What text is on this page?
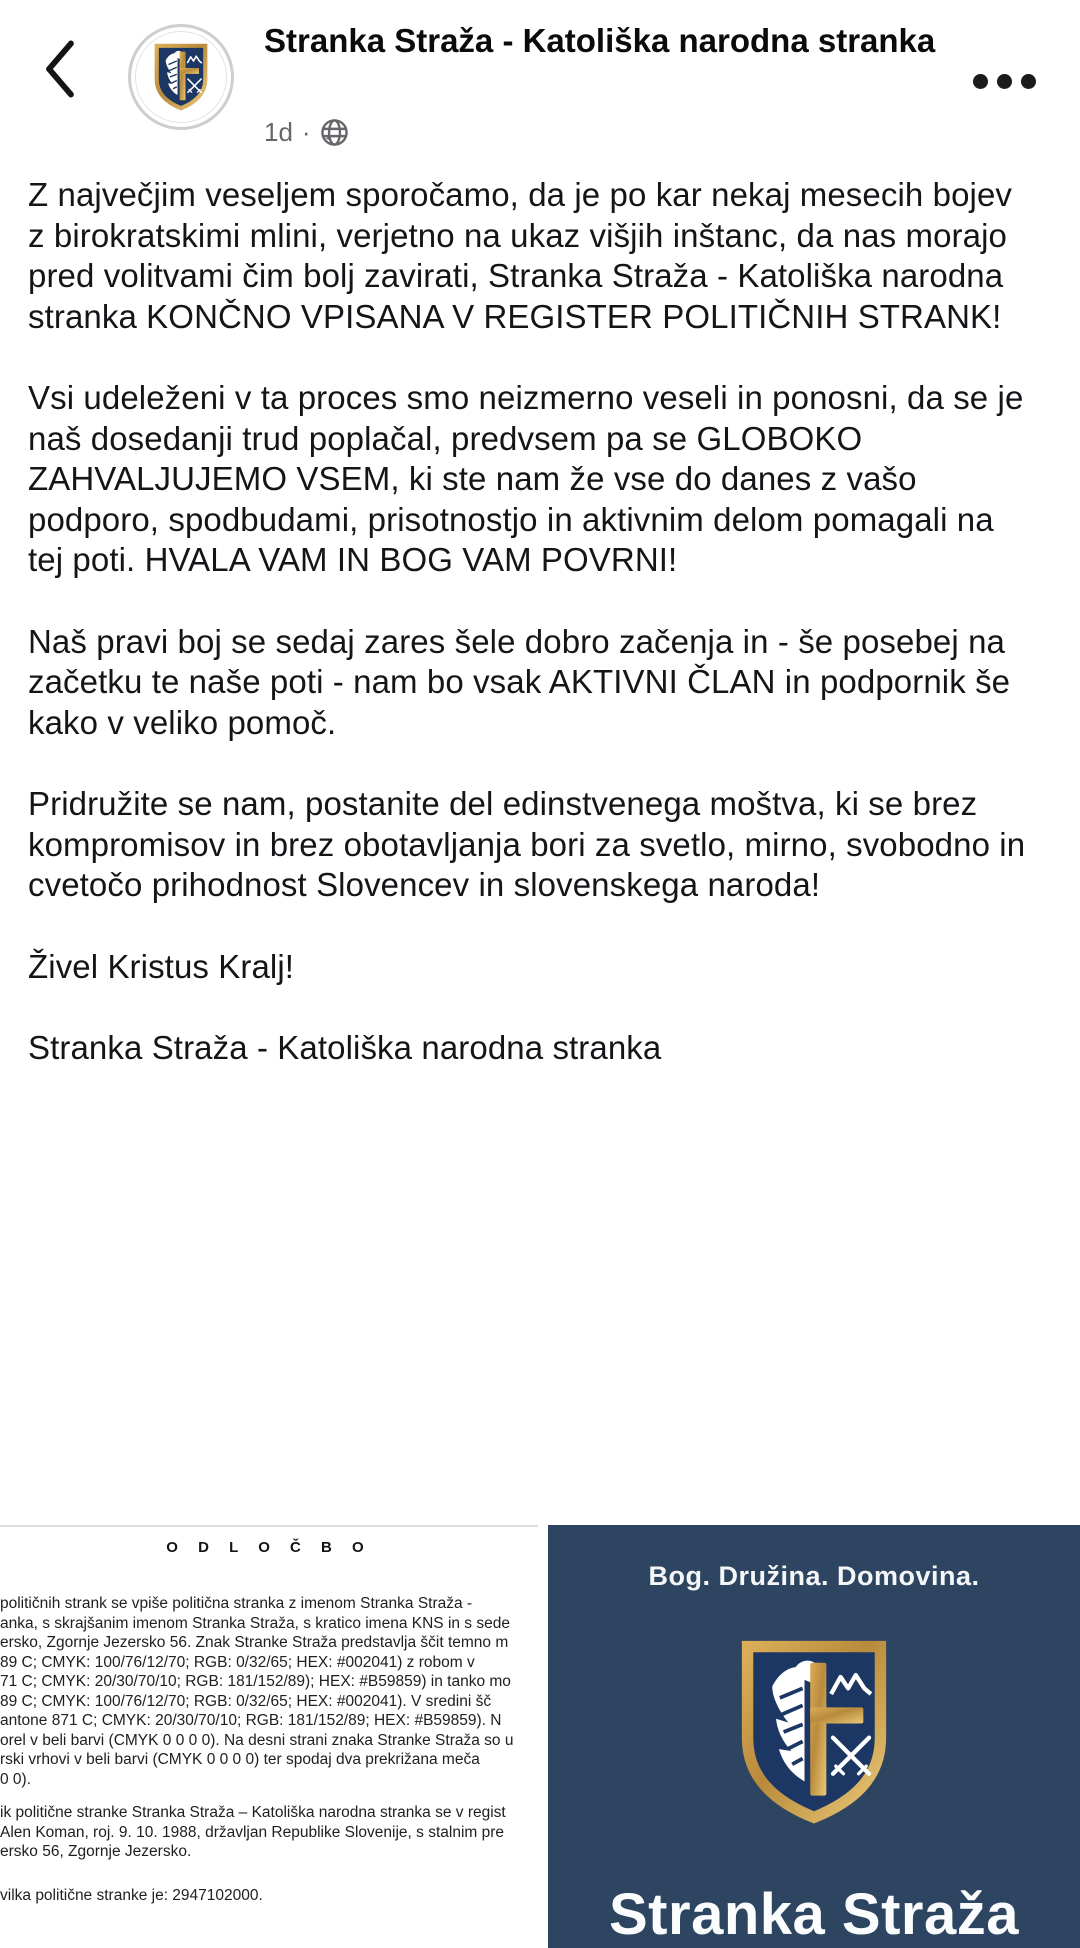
Stranka Straža - Katoliška narodna stranka
1d ·

Z največjim veseljem sporočamo, da je po kar nekaj mesecih bojev z birokratskimi mlini, verjetno na ukaz višjih inštanc, da nas morajo pred volitvami čim bolj zavirati, Stranka Straža - Katoliška narodna stranka KONČNO VPISANA V REGISTER POLITIČNIH STRANK!

Vsi udeleženi v ta proces smo neizmerno veseli in ponosni, da se je naš dosedanji trud poplačal, predvsem pa se GLOBOKO ZAHVALJUJEMO VSEM, ki ste nam že vse do danes z vašo podporo, spodbudami, prisotnostjo in aktivnim delom pomagali na tej poti. HVALA VAM IN BOG VAM POVRNI!

Naš pravi boj se sedaj zares šele dobro začenja in - še posebej na začetku te naše poti - nam bo vsak AKTIVNI ČLAN in podpornik še kako v veliko pomoč.

Pridružite se nam, postanite del edinstvenega moštva, ki se brez kompromisov in brez obotavljanja bori za svetlo, mirno, svobodno in cvetočo prihodnost Slovencev in slovenskega naroda!

Živel Kristus Kralj!

Stranka Straža - Katoliška narodna stranka

O D L O Č B O
političnih strank se vpiše politična stranka z imenom Stranka Straža -
anka, s skrajšanim imenom Stranka Straža, s kratico imena KNS in s sede
ersko, Zgornje Jezersko 56. Znak Stranke Straža predstavlja ščit temno m
89 C; CMYK: 100/76/12/70; RGB: 0/32/65; HEX: #002041) z robom v
71 C; CMYK: 20/30/70/10; RGB: 181/152/89); HEX: #B59859) in tanko mo
89 C; CMYK: 100/76/12/70; RGB: 0/32/65; HEX: #002041). V sredini šč
antone 871 C; CMYK: 20/30/70/10; RGB: 181/152/89; HEX: #B59859). N
orel v beli barvi (CMYK 0 0 0 0). Na desni strani znaka Stranke Straža so u
rski vrhovi v beli barvi (CMYK 0 0 0 0) ter spodaj dva prekrižana meča
0 0).
ik politične stranke Stranka Straža – Katoliška narodna stranka se v regist
Alen Koman, roj. 9. 10. 1988, državljan Republike Slovenije, s stalnim pre
ersko 56, Zgornje Jezersko.
vilka politične stranke je: 2947102000.
Bog. Družina. Domovina.
Stranka Straža
